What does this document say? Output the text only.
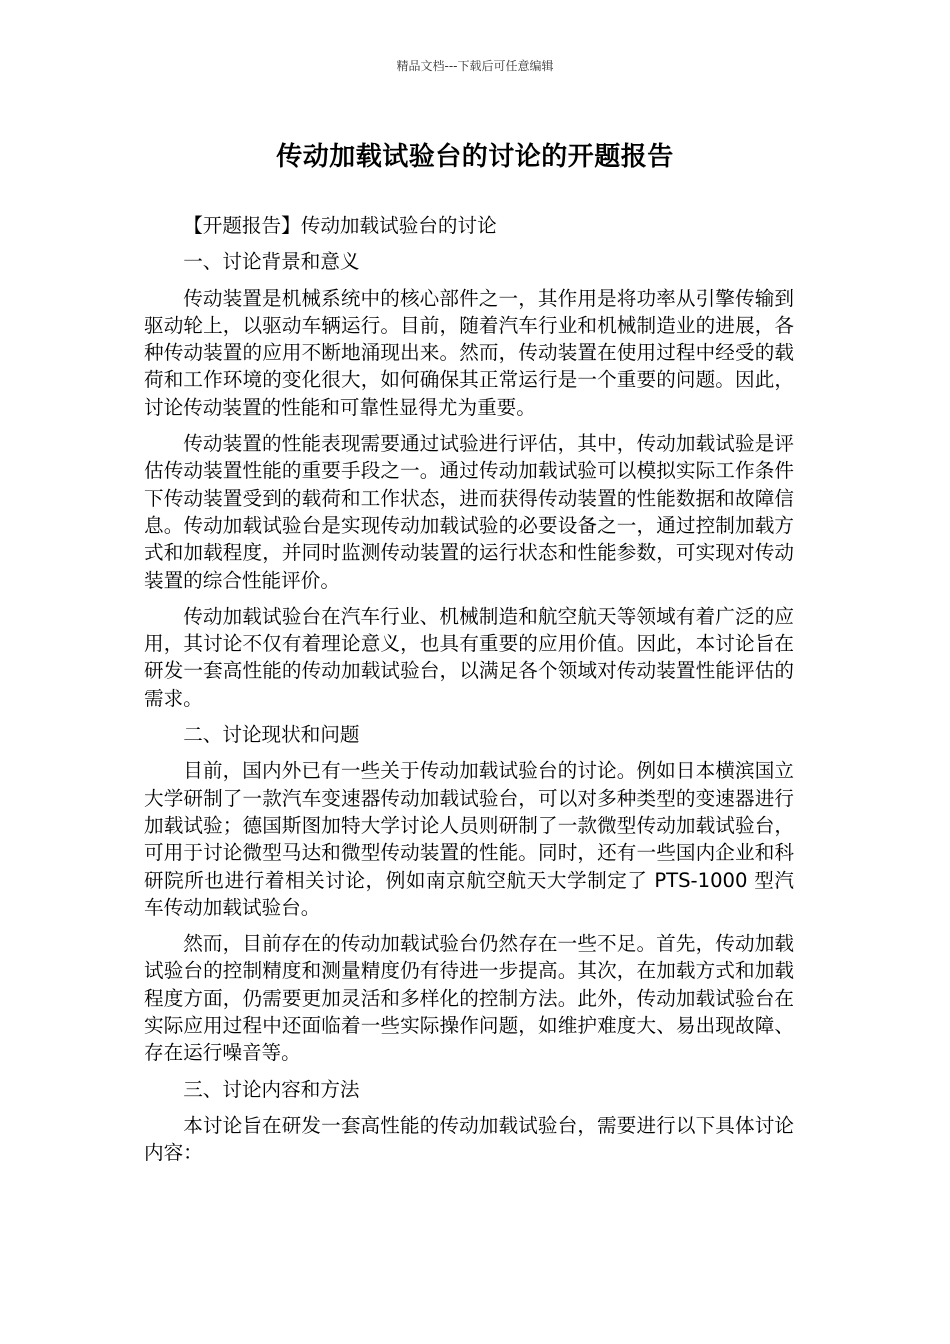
精品文档---下载后可任意编辑
传动加载试验台的讨论的开题报告

【开题报告】传动加载试验台的讨论

一、讨论背景和意义

传动装置是机械系统中的核心部件之一，其作用是将功率从引擎传输到驱动轮上，以驱动车辆运行。目前，随着汽车行业和机械制造业的进展，各种传动装置的应用不断地涌现出来。然而，传动装置在使用过程中经受的载荷和工作环境的变化很大，如何确保其正常运行是一个重要的问题。因此，讨论传动装置的性能和可靠性显得尤为重要。

传动装置的性能表现需要通过试验进行评估，其中，传动加载试验是评估传动装置性能的重要手段之一。通过传动加载试验可以模拟实际工作条件下传动装置受到的载荷和工作状态，进而获得传动装置的性能数据和故障信息。传动加载试验台是实现传动加载试验的必要设备之一，通过控制加载方式和加载程度，并同时监测传动装置的运行状态和性能参数，可实现对传动装置的综合性能评价。

传动加载试验台在汽车行业、机械制造和航空航天等领域有着广泛的应用，其讨论不仅有着理论意义，也具有重要的应用价值。因此，本讨论旨在研发一套高性能的传动加载试验台，以满足各个领域对传动装置性能评估的需求。

二、讨论现状和问题

目前，国内外已有一些关于传动加载试验台的讨论。例如日本横滨国立大学研制了一款汽车变速器传动加载试验台，可以对多种类型的变速器进行加载试验；德国斯图加特大学讨论人员则研制了一款微型传动加载试验台，可用于讨论微型马达和微型传动装置的性能。同时，还有一些国内企业和科研院所也进行着相关讨论，例如南京航空航天大学制定了 PTS-1000 型汽车传动加载试验台。

然而，目前存在的传动加载试验台仍然存在一些不足。首先，传动加载试验台的控制精度和测量精度仍有待进一步提高。其次，在加载方式和加载程度方面，仍需要更加灵活和多样化的控制方法。此外，传动加载试验台在实际应用过程中还面临着一些实际操作问题，如维护难度大、易出现故障、存在运行噪音等。

三、讨论内容和方法

本讨论旨在研发一套高性能的传动加载试验台，需要进行以下具体讨论内容：
